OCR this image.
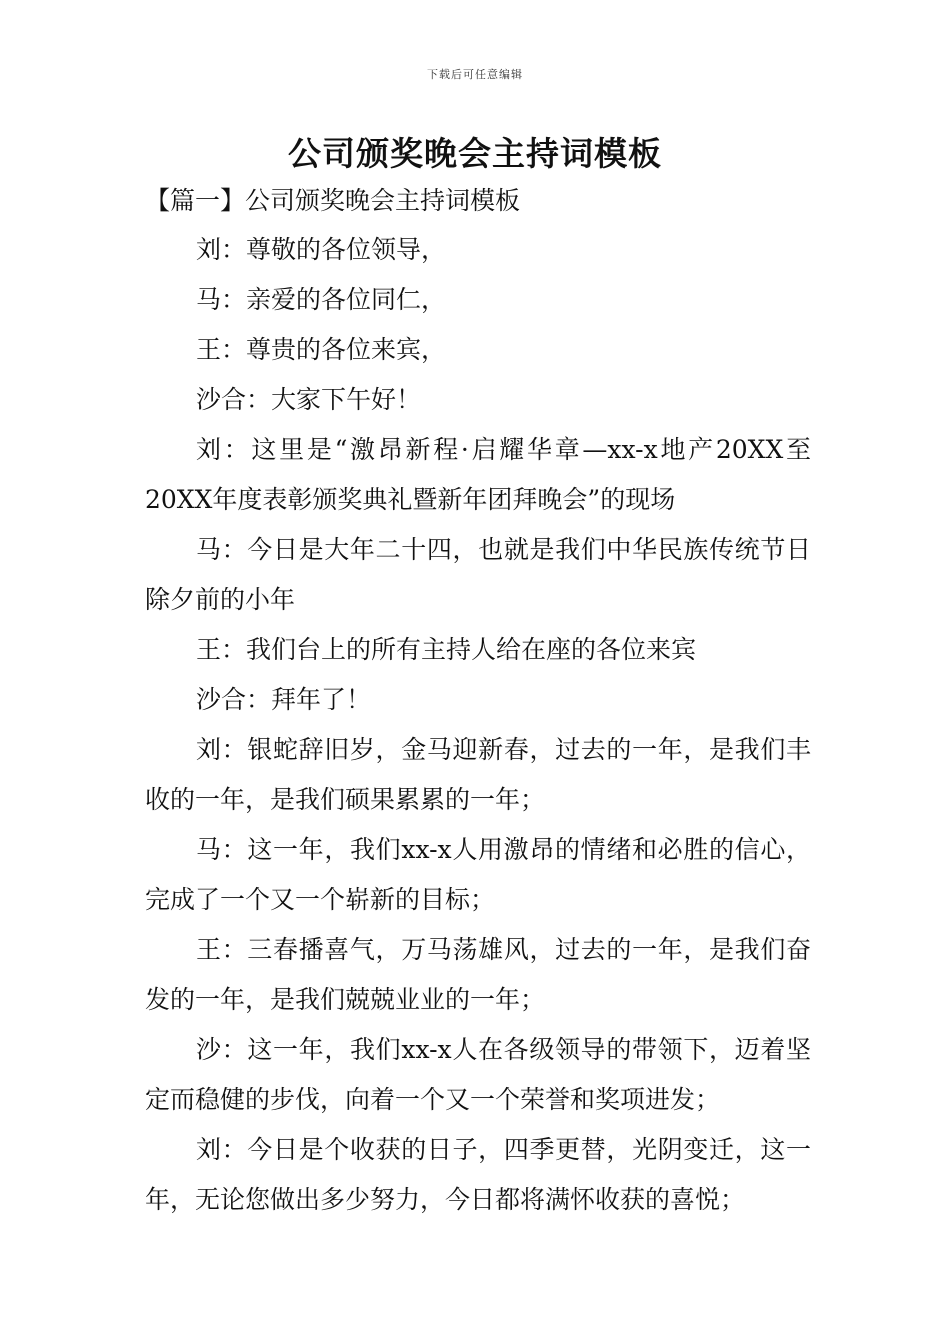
下载后可任意编辑
公司颁奖晚会主持词模板
【篇一】公司颁奖晚会主持词模板

刘：尊敬的各位领导，

马：亲爱的各位同仁，

王：尊贵的各位来宾，

沙合：大家下午好！

刘：这里是“激昂新程·启耀华章—xx-x地产20XX至20XX年度表彰颁奖典礼暨新年团拜晚会”的现场

马：今日是大年二十四，也就是我们中华民族传统节日除夕前的小年

王：我们台上的所有主持人给在座的各位来宾

沙合：拜年了！

刘：银蛇辞旧岁，金马迎新春，过去的一年，是我们丰收的一年，是我们硕果累累的一年；

马：这一年，我们xx-x人用激昂的情绪和必胜的信心，完成了一个又一个崭新的目标；

王：三春播喜气，万马荡雄风，过去的一年，是我们奋发的一年，是我们兢兢业业的一年；

沙：这一年，我们xx-x人在各级领导的带领下，迈着坚定而稳健的步伐，向着一个又一个荣誉和奖项进发；

刘：今日是个收获的日子，四季更替，光阴变迁，这一年，无论您做出多少努力，今日都将满怀收获的喜悦；
